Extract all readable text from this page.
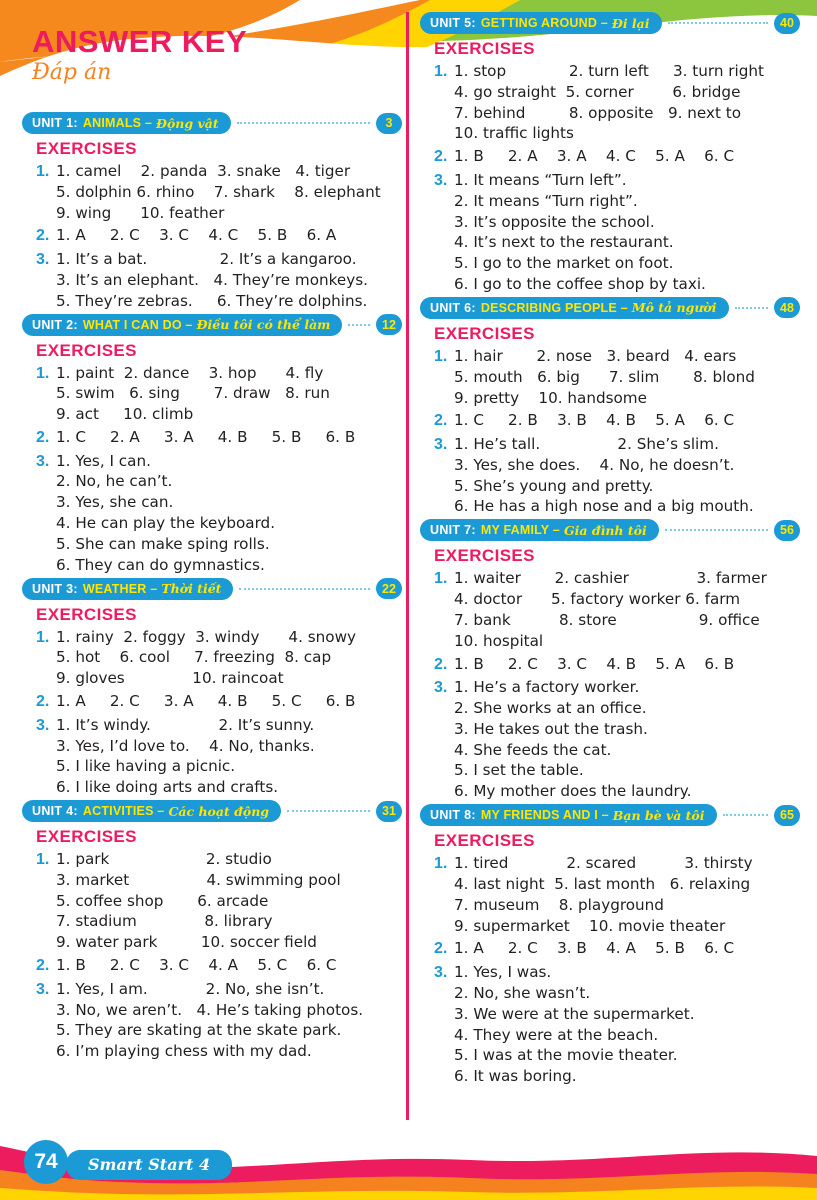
ANSWER KEY
Đáp án
UNIT 1: ANIMALS – Động vật	3
EXERCISES
1. 1. camel    2. panda  3. snake   4. tiger
5. dolphin 6. rhino    7. shark    8. elephant
9. wing      10. feather
2. 1. A     2. C    3. C    4. C    5. B    6. A
3. 1. It’s a bat.               2. It’s a kangaroo.
3. It’s an elephant.   4. They’re monkeys.
5. They’re zebras.     6. They’re dolphins.
UNIT 2: WHAT I CAN DO – Điều tôi có thể làm	12
EXERCISES
1. 1. paint  2. dance    3. hop      4. fly
5. swim   6. sing       7. draw   8. run
9. act     10. climb
2. 1. C     2. A     3. A     4. B     5. B     6. B
3. 1. Yes, I can.
2. No, he can’t.
3. Yes, she can.
4. He can play the keyboard.
5. She can make sping rolls.
6. They can do gymnastics.
UNIT 3: WEATHER – Thời tiết	22
EXERCISES
1. 1. rainy  2. foggy  3. windy      4. snowy
5. hot    6. cool     7. freezing  8. cap
9. gloves              10. raincoat
2. 1. A     2. C     3. A     4. B     5. C     6. B
3. 1. It’s windy.              2. It’s sunny.
3. Yes, I’d love to.    4. No, thanks.
5. I like having a picnic.
6. I like doing arts and crafts.
UNIT 4: ACTIVITIES – Các hoạt động	31
EXERCISES
1. 1. park                    2. studio
3. market                4. swimming pool
5. coffee shop       6. arcade
7. stadium              8. library
9. water park         10. soccer field
2. 1. B     2. C    3. C    4. A    5. C    6. C
3. 1. Yes, I am.            2. No, she isn’t.
3. No, we aren’t.   4. He’s taking photos.
5. They are skating at the skate park.
6. I’m playing chess with my dad.
UNIT 5: GETTING AROUND – Đi lại	40
EXERCISES
1. 1. stop             2. turn left     3. turn right
4. go straight  5. corner        6. bridge
7. behind         8. opposite   9. next to
10. traffic lights
2. 1. B     2. A    3. A    4. C    5. A    6. C
3. 1. It means “Turn left”.
2. It means “Turn right”.
3. It’s opposite the school.
4. It’s next to the restaurant.
5. I go to the market on foot.
6. I go to the coffee shop by taxi.
UNIT 6: DESCRIBING PEOPLE – Mô tả người	48
EXERCISES
1. 1. hair       2. nose   3. beard   4. ears
5. mouth   6. big      7. slim       8. blond
9. pretty    10. handsome
2. 1. C     2. B    3. B    4. B    5. A    6. C
3. 1. He’s tall.                2. She’s slim.
3. Yes, she does.    4. No, he doesn’t.
5. She’s young and pretty.
6. He has a high nose and a big mouth.
UNIT 7: MY FAMILY – Gia đình tôi	56
EXERCISES
1. 1. waiter       2. cashier              3. farmer
4. doctor      5. factory worker 6. farm
7. bank          8. store                 9. office
10. hospital
2. 1. B     2. C    3. C    4. B    5. A    6. B
3. 1. He’s a factory worker.
2. She works at an office.
3. He takes out the trash.
4. She feeds the cat.
5. I set the table.
6. My mother does the laundry.
UNIT 8: MY FRIENDS AND I – Bạn bè và tôi	65
EXERCISES
1. 1. tired            2. scared          3. thirsty
4. last night  5. last month   6. relaxing
7. museum    8. playground
9. supermarket    10. movie theater
2. 1. A     2. C    3. B    4. A    5. B    6. C
3. 1. Yes, I was.
2. No, she wasn’t.
3. We were at the supermarket.
4. They were at the beach.
5. I was at the movie theater.
6. It was boring.
Smart Start 4
74
